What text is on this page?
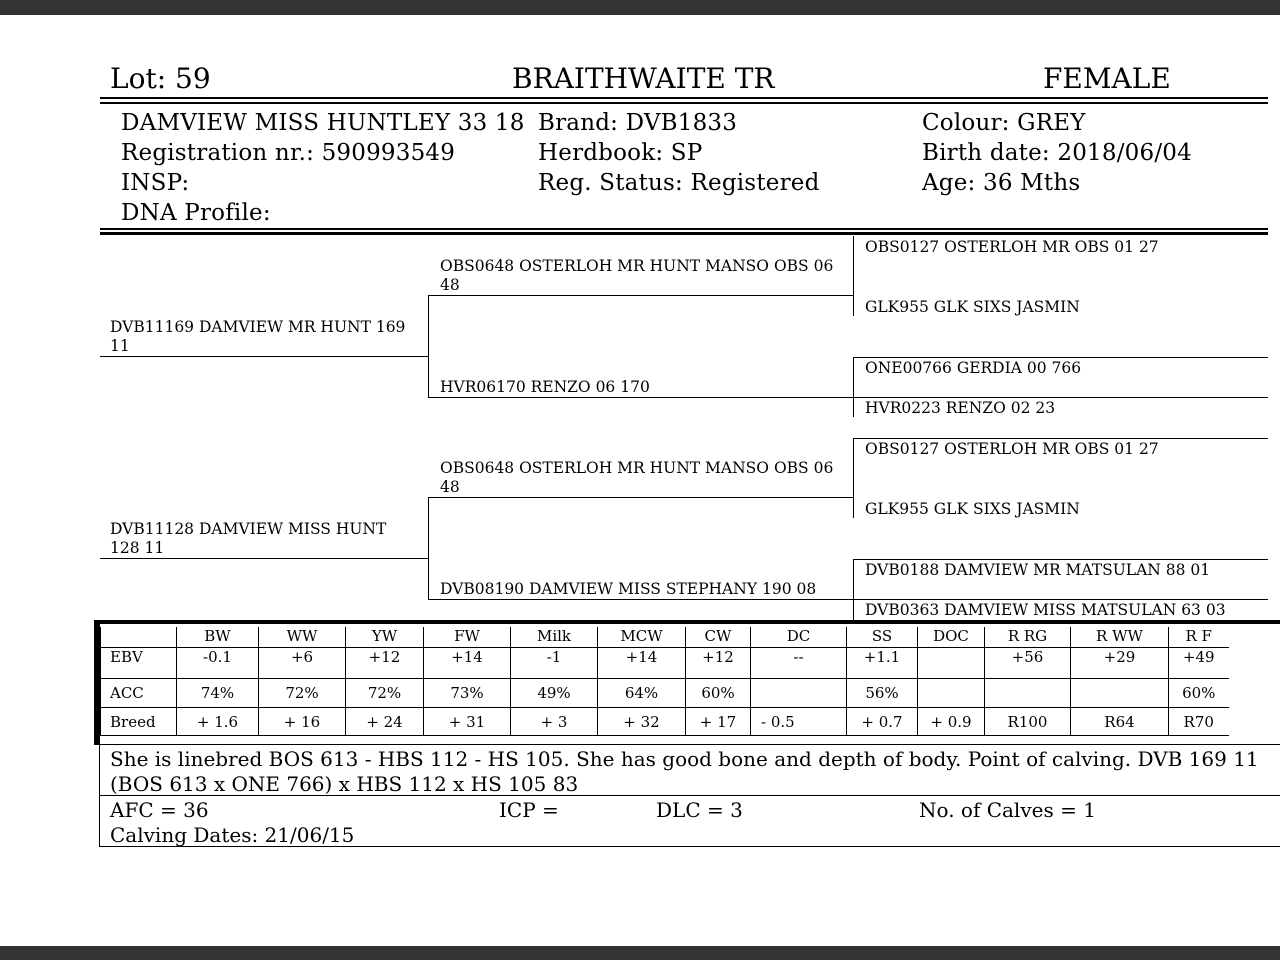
Lot: 59	BRAITHWAITE TR	FEMALE
DAMVIEW MISS HUNTLEY 33 18
Registration nr.: 590993549
INSP:
DNA Profile:
Brand: DVB1833
Herdbook: SP
Reg. Status: Registered
Colour: GREY
Birth date: 2018/06/04
Age: 36 Mths
DVB11169 DAMVIEW MR HUNT 169 11
DVB11128 DAMVIEW MISS HUNT 128 11
OBS0648 OSTERLOH MR HUNT MANSO OBS 06 48
HVR06170 RENZO 06 170
OBS0648 OSTERLOH MR HUNT MANSO OBS 06 48
DVB08190 DAMVIEW MISS STEPHANY 190 08
OBS0127 OSTERLOH MR OBS 01 27
GLK955 GLK SIXS JASMIN
ONE00766 GERDIA 00 766
HVR0223 RENZO 02 23
OBS0127 OSTERLOH MR OBS 01 27
GLK955 GLK SIXS JASMIN
DVB0188 DAMVIEW MR MATSULAN 88 01
DVB0363 DAMVIEW MISS MATSULAN 63 03
	BW	WW	YW	FW	Milk	MCW	CW	DC	SS	DOC	R RG	R WW	R F
EBV	-0.1	+6	+12	+14	-1	+14	+12	--	+1.1		+56	+29	+49
ACC	74%	72%	72%	73%	49%	64%	60%		56%				60%
Breed	+ 1.6	+ 16	+ 24	+ 31	+ 3	+ 32	+ 17	- 0.5	+ 0.7	+ 0.9	R100	R64	R70
She is linebred BOS 613 - HBS 112 - HS 105. She has good bone and depth of body. Point of calving. DVB 169 11
(BOS 613 x ONE 766) x HBS 112 x HS 105 83
AFC = 36	ICP =	DLC = 3	No. of Calves = 1
Calving Dates: 21/06/15
